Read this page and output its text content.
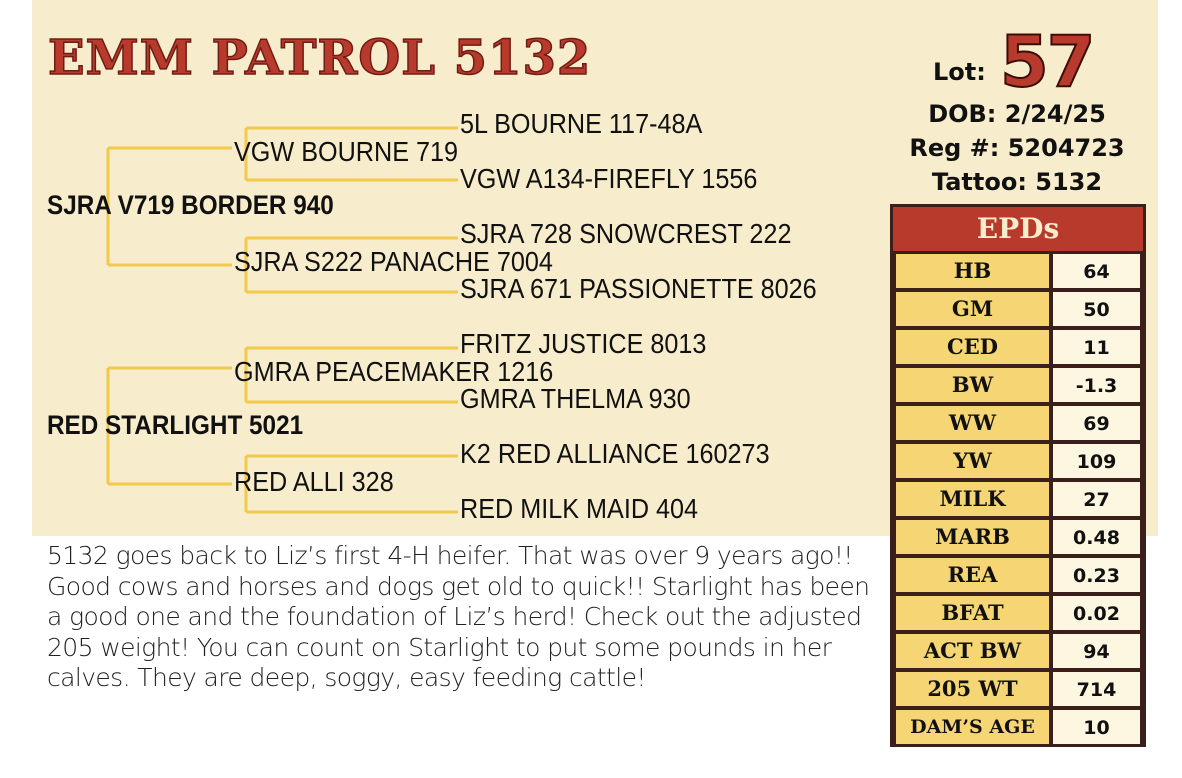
EMM PATROL 5132
SJRA V719 BORDER 940
VGW BOURNE 719
5L BOURNE 117-48A
VGW A134-FIREFLY 1556
SJRA S222 PANACHE 7004
SJRA 728 SNOWCREST 222
SJRA 671 PASSIONETTE 8026
RED STARLIGHT 5021
GMRA PEACEMAKER 1216
FRITZ JUSTICE 8013
GMRA THELMA 930
RED ALLI 328
K2 RED ALLIANCE 160273
RED MILK MAID 404
Lot: 57
DOB: 2/24/25
Reg #: 5204723
Tattoo: 5132
EPDs
HB	64
GM	50
CED	11
BW	-1.3
WW	69
YW	109
MILK	27
MARB	0.48
REA	0.23
BFAT	0.02
ACT BW	94
205 WT	714
DAM’S AGE	10
5132 goes back to Liz’s first 4-H heifer. That was over 9 years ago!! Good cows and horses and dogs get old to quick!! Starlight has been a good one and the foundation of Liz’s herd! Check out the adjusted 205 weight! You can count on Starlight to put some pounds in her calves. They are deep, soggy, easy feeding cattle!
